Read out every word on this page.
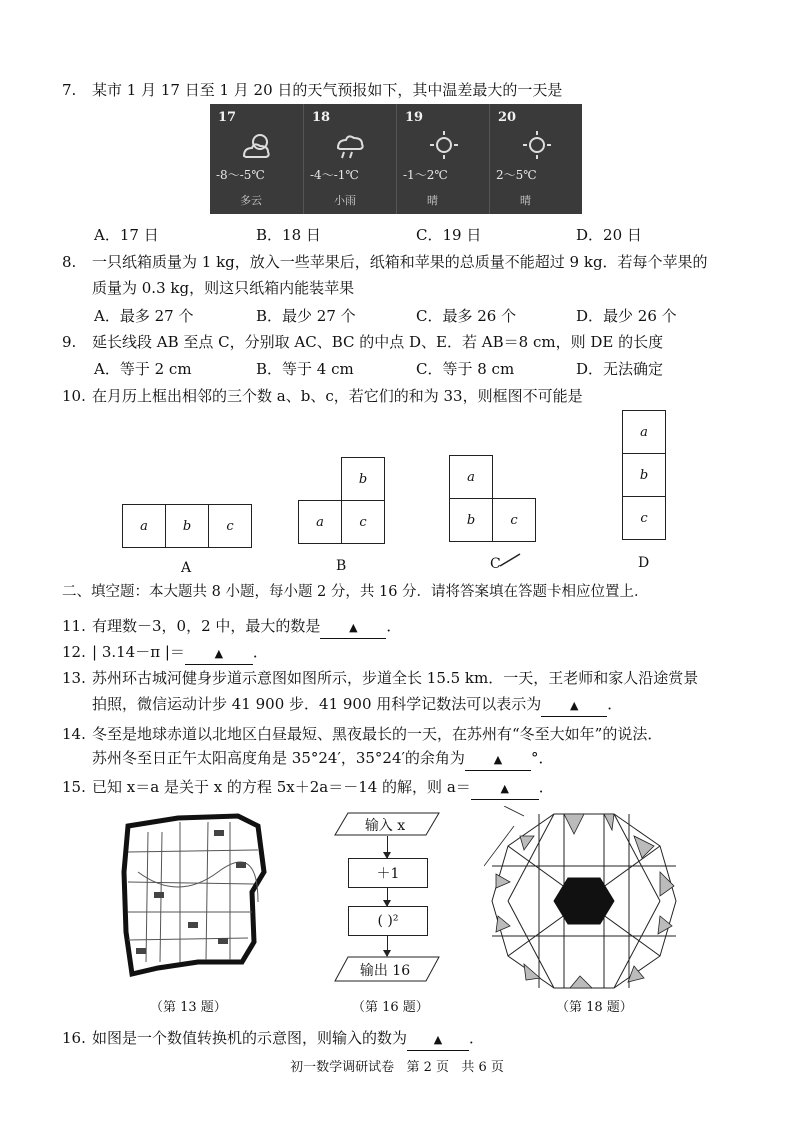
7. 某市 1 月 17 日至 1 月 20 日的天气预报如下，其中温差最大的一天是
17
-8～-5℃
多云
18
-4～-1℃
小雨
19
-1～2℃
晴
20
2～5℃
晴
A．17 日	B．18 日	C．19 日	D．20 日
8. 一只纸箱质量为 1 kg，放入一些苹果后，纸箱和苹果的总质量不能超过 9 kg．若每个苹果的
质量为 0.3 kg，则这只纸箱内能装苹果
A．最多 27 个	B．最少 27 个	C．最多 26 个	D．最少 26 个
9. 延长线段 AB 至点 C，分别取 AC、BC 的中点 D、E．若 AB＝8 cm，则 DE 的长度
A．等于 2 cm	B．等于 4 cm	C．等于 8 cm	D．无法确定
10. 在月历上框出相邻的三个数 a、b、c，若它们的和为 33，则框图不可能是
a	b	c
A
b
a	c
B
a
b	c
C
a
b
c
D
二、填空题：本大题共 8 小题，每小题 2 分，共 16 分．请将答案填在答题卡相应位置上．
11. 有理数－3，0，2 中，最大的数是	▲ ．
12. | 3.14－π |＝	▲ ．
13. 苏州环古城河健身步道示意图如图所示，步道全长 15.5 km．一天，王老师和家人沿途赏景
拍照，微信运动计步 41 900 步．41 900 用科学记数法可以表示为	▲ ．
14. 冬至是地球赤道以北地区白昼最短、黑夜最长的一天，在苏州有“冬至大如年”的说法．
苏州冬至日正午太阳高度角是 35°24′，35°24′的余角为	▲ °．
15. 已知 x＝a 是关于 x 的方程 5x＋2a＝－14 的解，则 a＝	▲ ．
（第 13 题）
输入 x
＋1
( )²
输出 16
（第 16 题）	（第 18 题）
16. 如图是一个数值转换机的示意图，则输入的数为 ▲ ．
初一数学调研试卷   第 2 页   共 6 页
